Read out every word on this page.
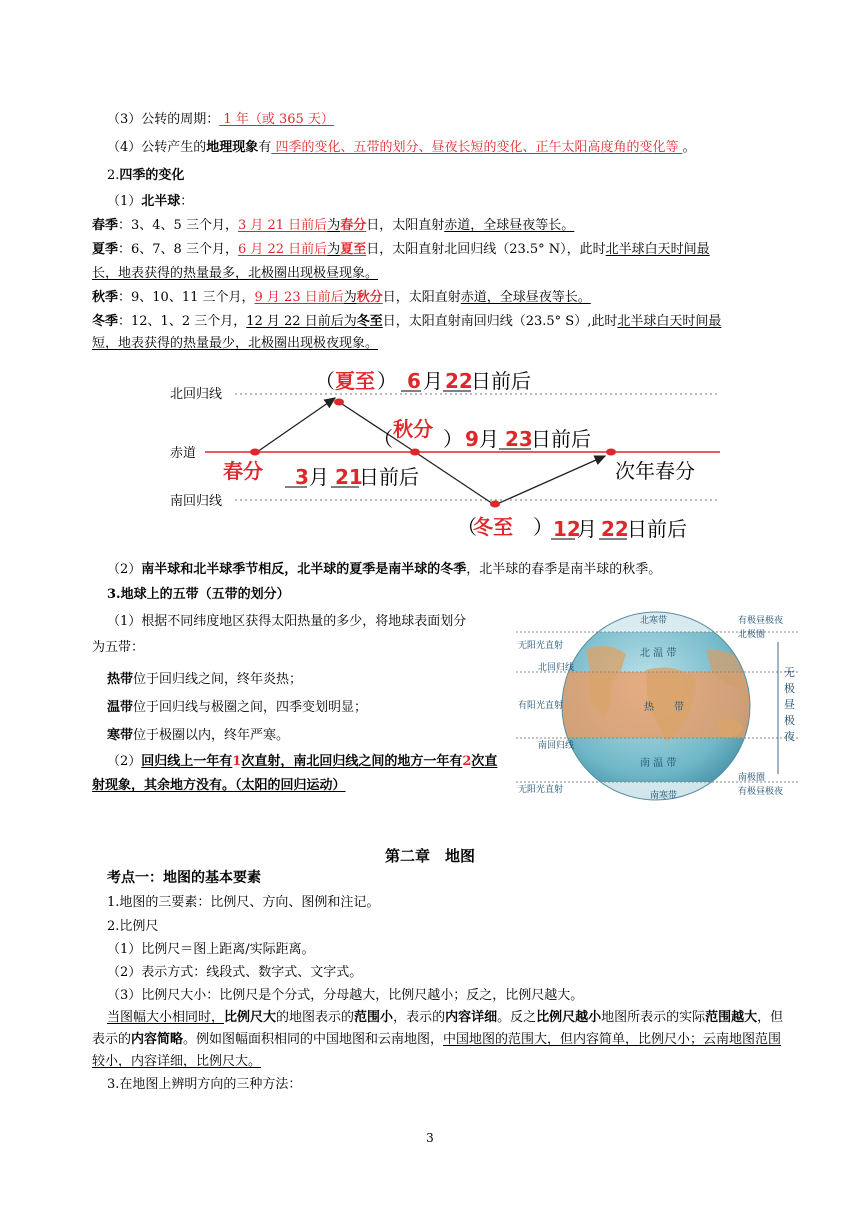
（3）公转的周期： 1 年（或 365 天）
（4）公转产生的地理现象有 四季的变化、五带的划分、昼夜长短的变化、正午太阳高度角的变化等 。
2.四季的变化
（1）北半球：
春季：3、4、5 三个月，3 月 21 日前后为春分日，太阳直射赤道，全球昼夜等长。
夏季：6、7、8 三个月，6 月 22 日前后为夏至日，太阳直射北回归线（23.5° N），此时北半球白天时间最
长，地表获得的热量最多，北极圈出现极昼现象。
秋季：9、10、11 三个月，9 月 23 日前后为秋分日，太阳直射赤道，全球昼夜等长。
冬季：12、1、2 三个月，12 月 22 日前后为冬至日，太阳直射南回归线（23.5° S）,此时北半球白天时间最
短，地表获得的热量最少，北极圈出现极夜现象。
北回归线
赤道
南回归线
（ 夏至 ） 6 月 22
日前后
（ 秋分 ） 9 月 23
日前后
春分 3 月 21
日前后	次年春分
（
冬至 ） 12
月 22
日前后
（2）南半球和北半球季节相反，北半球的夏季是南半球的冬季，北半球的春季是南半球的秋季。
3.地球上的五带（五带的划分）
（1）根据不同纬度地区获得太阳热量的多少，将地球表面划分
为五带：
热带位于回归线之间，终年炎热；
温带位于回归线与极圈之间，四季变划明显；
寒带位于极圈以内，终年严寒。
（2）回归线上一年有1次直射，南北回归线之间的地方一年有2次直
射现象，其余地方没有。（太阳的回归运动）
无阳光直射
北回归线
有阳光直射
南回归线
无阳光直射
北寒带
北 温 带
热　　带
南 温 带
南寒带
有极昼极夜
北极圈
无极昼极夜
南极圈
有极昼极夜
第二章　地图
考点一：地图的基本要素
1.地图的三要素：比例尺、方向、图例和注记。
2.比例尺
（1）比例尺＝图上距离/实际距离。
（2）表示方式：线段式、数字式、文字式。
（3）比例尺大小：比例尺是个分式，分母越大，比例尺越小；反之，比例尺越大。
当图幅大小相同时，比例尺大的地图表示的范围小，表示的内容详细。反之比例尺越小地图所表示的实际范围越大，但
表示的内容简略。例如图幅面积相同的中国地图和云南地图，中国地图的范围大，但内容简单，比例尺小；云南地图范围
较小，内容详细，比例尺大。
3.在地图上辨明方向的三种方法：
3
